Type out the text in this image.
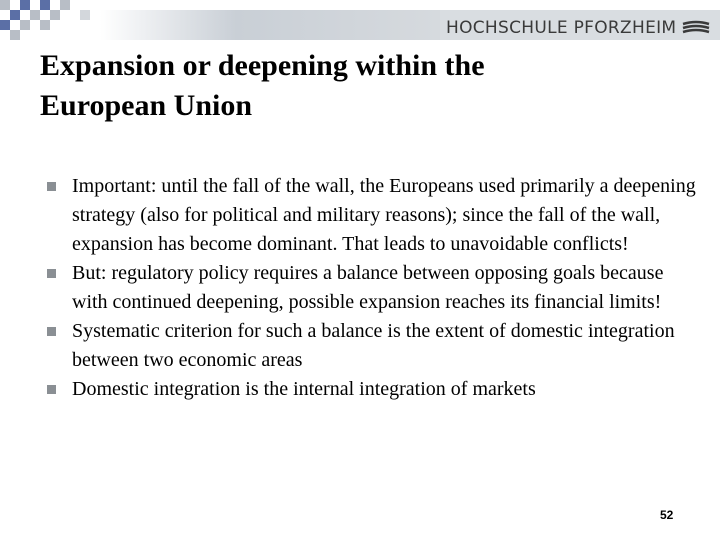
HOCHSCHULE PFORZHEIM
Expansion or deepening within the
European Union
Important: until the fall of the wall, the Europeans used primarily a deepening strategy (also for political and military reasons); since the fall of the wall, expansion has become dominant. That leads to unavoidable conflicts!
But: regulatory policy requires a balance between opposing goals because with continued deepening, possible expansion reaches its financial limits!
Systematic criterion for such a balance is the extent of domestic integration between two economic areas
Domestic integration is the internal integration of markets
52
